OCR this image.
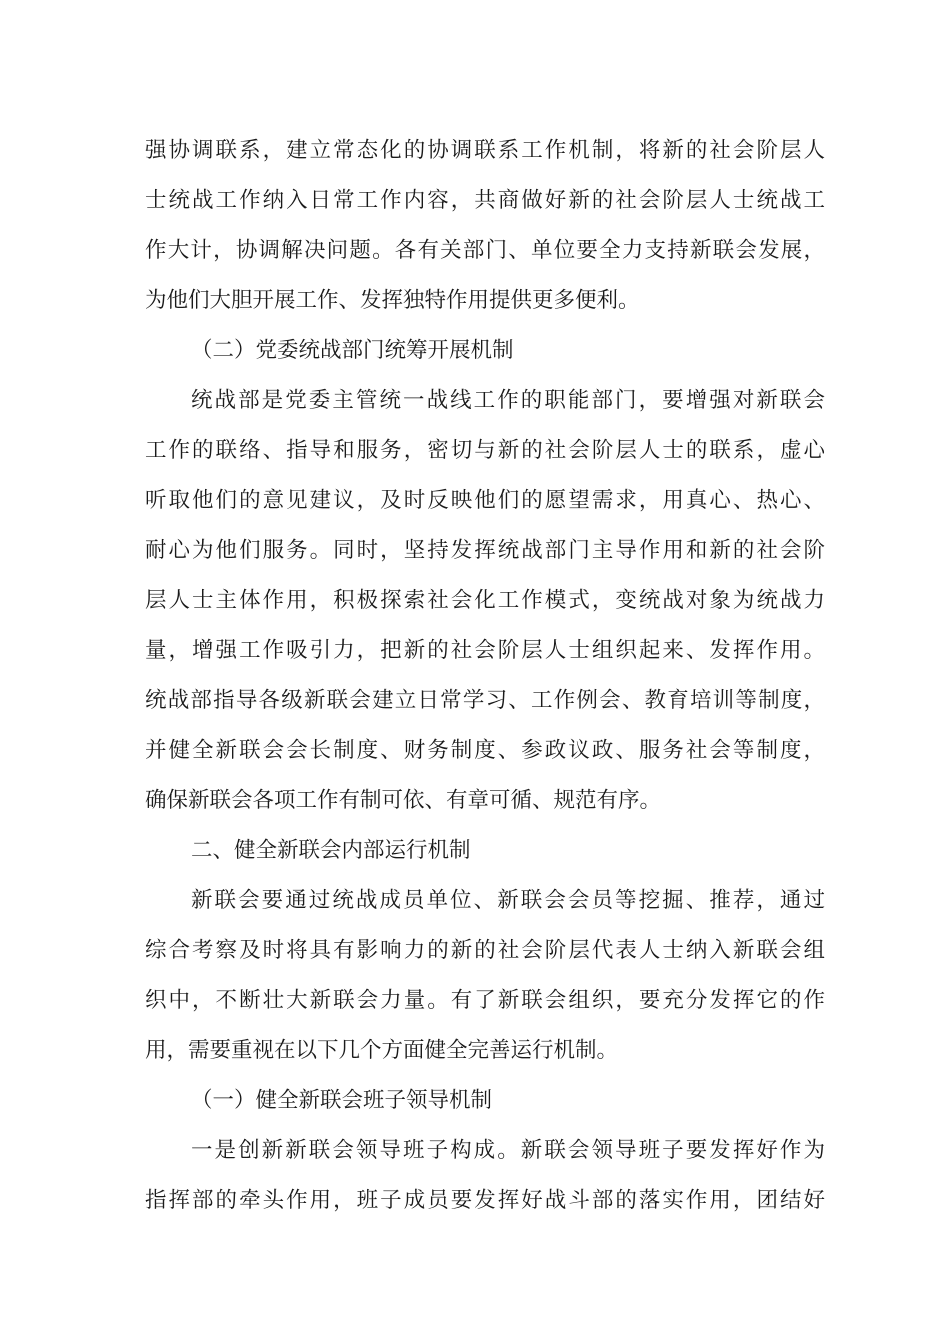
强协调联系，建立常态化的协调联系工作机制，将新的社会阶层人
士统战工作纳入日常工作内容，共商做好新的社会阶层人士统战工
作大计，协调解决问题。各有关部门、单位要全力支持新联会发展，
为他们大胆开展工作、发挥独特作用提供更多便利。
（二）党委统战部门统筹开展机制
统战部是党委主管统一战线工作的职能部门，要增强对新联会
工作的联络、指导和服务，密切与新的社会阶层人士的联系，虚心
听取他们的意见建议，及时反映他们的愿望需求，用真心、热心、
耐心为他们服务。同时，坚持发挥统战部门主导作用和新的社会阶
层人士主体作用，积极探索社会化工作模式，变统战对象为统战力
量，增强工作吸引力，把新的社会阶层人士组织起来、发挥作用。
统战部指导各级新联会建立日常学习、工作例会、教育培训等制度，
并健全新联会会长制度、财务制度、参政议政、服务社会等制度，
确保新联会各项工作有制可依、有章可循、规范有序。
二、健全新联会内部运行机制
新联会要通过统战成员单位、新联会会员等挖掘、推荐，通过
综合考察及时将具有影响力的新的社会阶层代表人士纳入新联会组
织中，不断壮大新联会力量。有了新联会组织，要充分发挥它的作
用，需要重视在以下几个方面健全完善运行机制。
（一）健全新联会班子领导机制
一是创新新联会领导班子构成。新联会领导班子要发挥好作为
指挥部的牵头作用，班子成员要发挥好战斗部的落实作用，团结好
